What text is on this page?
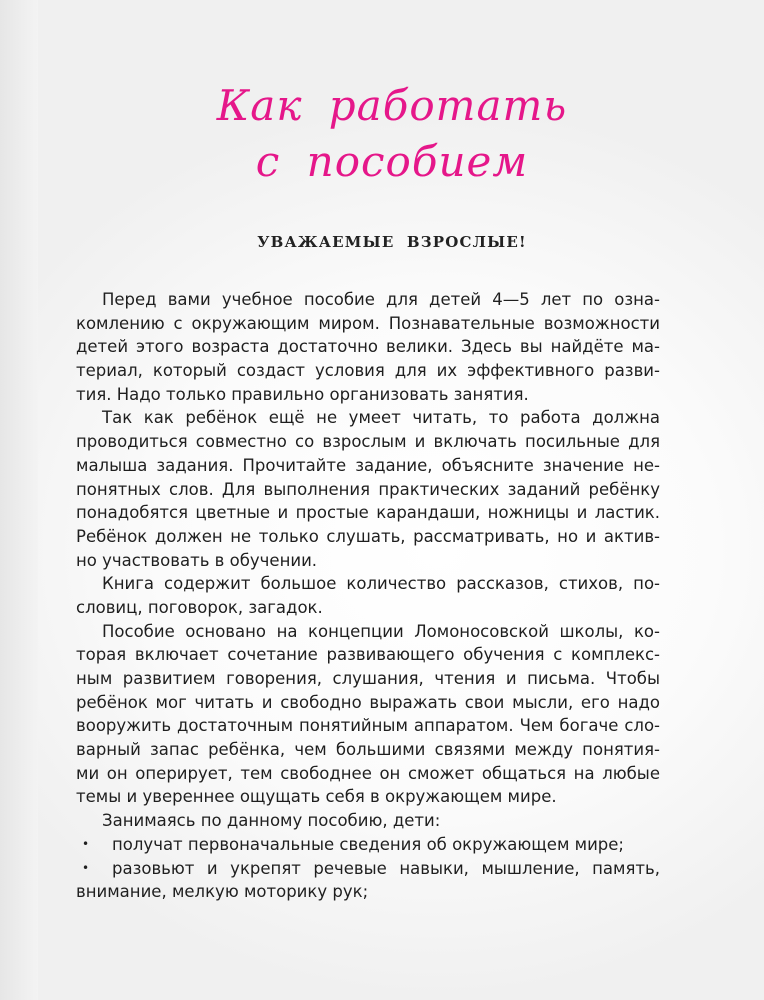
Как работать
с пособием
УВАЖАЕМЫЕ ВЗРОСЛЫЕ!
Перед вами учебное пособие для детей 4—5 лет по озна-
комлению с окружающим миром. Познавательные возможности
детей этого возраста достаточно велики. Здесь вы найдёте ма-
териал, который создаст условия для их эффективного разви-
тия. Надо только правильно организовать занятия.
Так как ребёнок ещё не умеет читать, то работа должна
проводиться совместно со взрослым и включать посильные для
малыша задания. Прочитайте задание, объясните значение не-
понятных слов. Для выполнения практических заданий ребёнку
понадобятся цветные и простые карандаши, ножницы и ластик.
Ребёнок должен не только слушать, рассматривать, но и актив-
но участвовать в обучении.
Книга содержит большое количество рассказов, стихов, по-
словиц, поговорок, загадок.
Пособие основано на концепции Ломоносовской школы, ко-
торая включает сочетание развивающего обучения с комплекс-
ным развитием говорения, слушания, чтения и письма. Чтобы
ребёнок мог читать и свободно выражать свои мысли, его надо
вооружить достаточным понятийным аппаратом. Чем богаче сло-
варный запас ребёнка, чем большими связями между понятия-
ми он оперирует, тем свободнее он сможет общаться на любые
темы и увереннее ощущать себя в окружающем мире.
Занимаясь по данному пособию, дети:
•	получат первоначальные сведения об окружающем мире;
•	разовьют и укрепят речевые навыки, мышление, память,
внимание, мелкую моторику рук;
